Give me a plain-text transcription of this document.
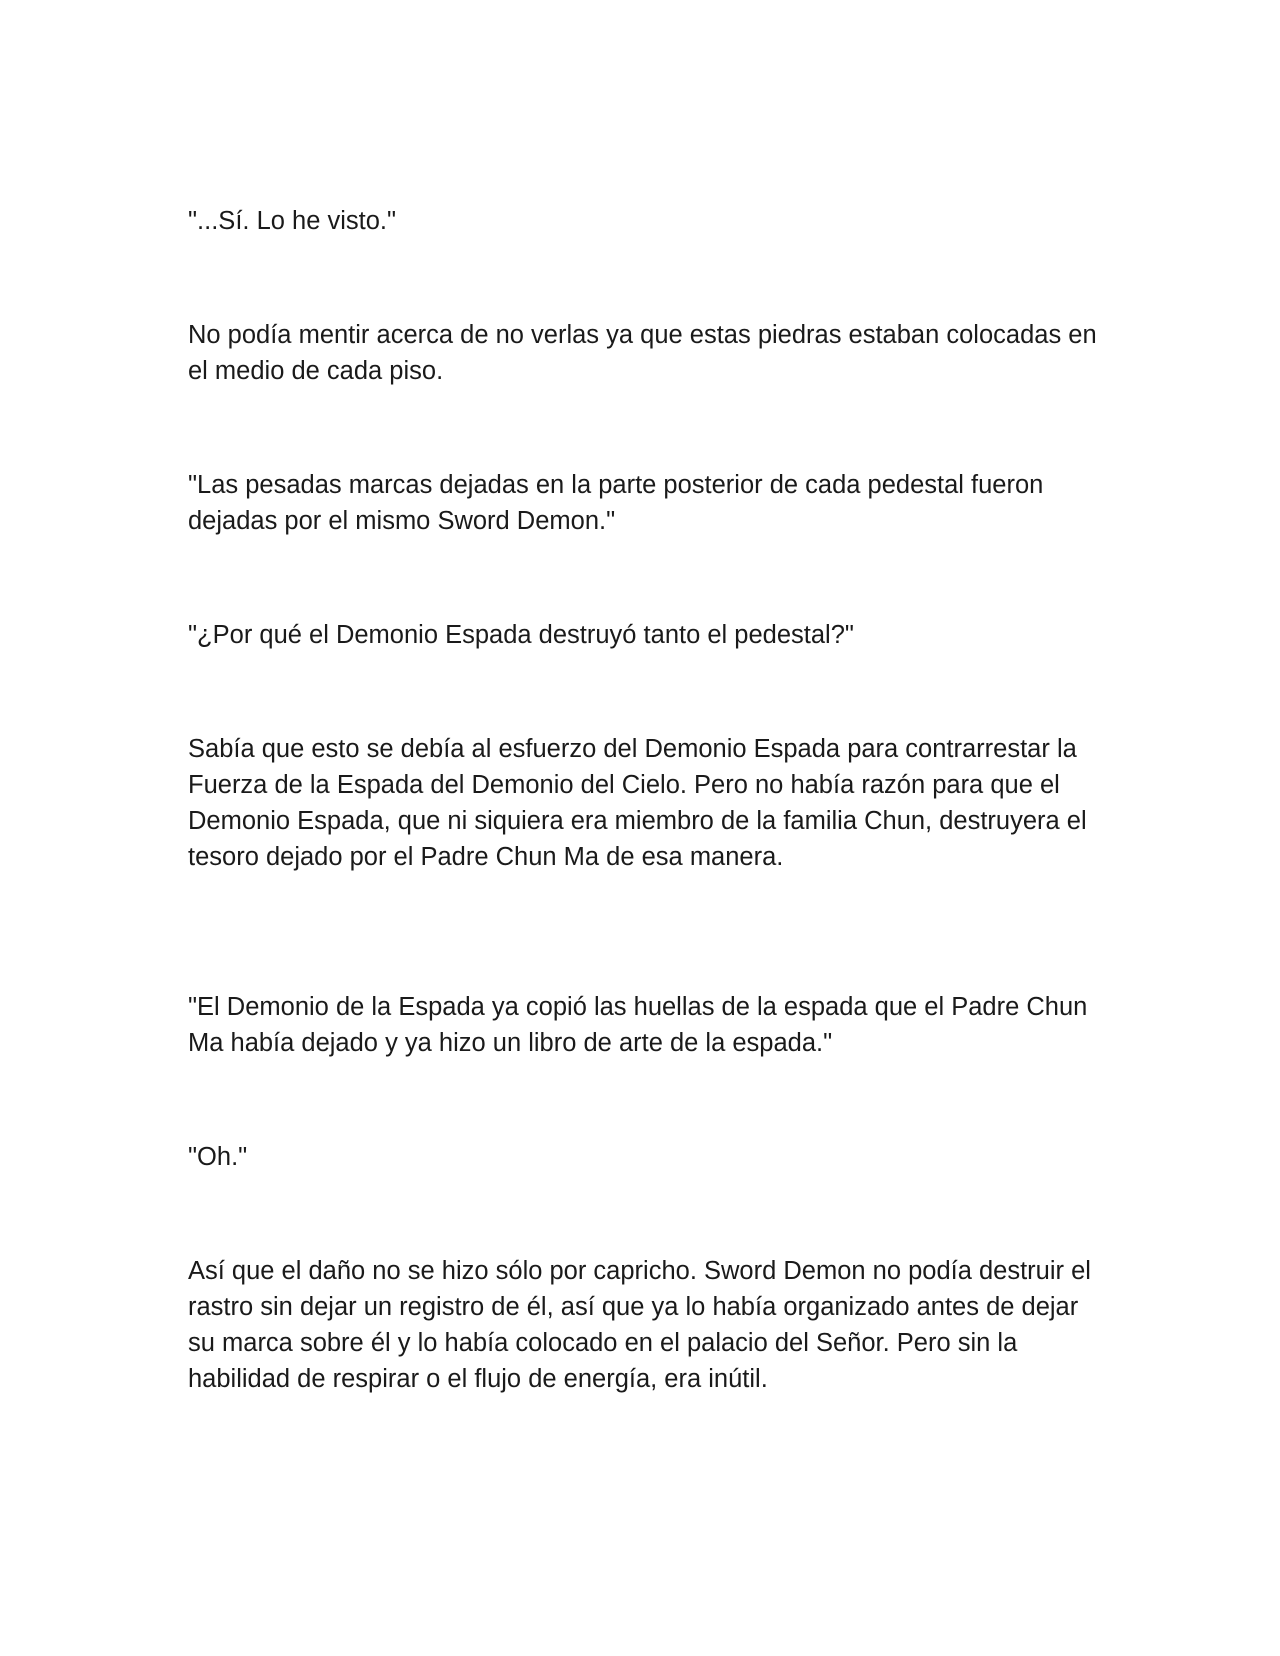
"...Sí. Lo he visto."

No podía mentir acerca de no verlas ya que estas piedras estaban colocadas en el medio de cada piso.

"Las pesadas marcas dejadas en la parte posterior de cada pedestal fueron dejadas por el mismo Sword Demon."

"¿Por qué el Demonio Espada destruyó tanto el pedestal?"

Sabía que esto se debía al esfuerzo del Demonio Espada para contrarrestar la Fuerza de la Espada del Demonio del Cielo. Pero no había razón para que el Demonio Espada, que ni siquiera era miembro de la familia Chun, destruyera el tesoro dejado por el Padre Chun Ma de esa manera.

"El Demonio de la Espada ya copió las huellas de la espada que el Padre Chun Ma había dejado y ya hizo un libro de arte de la espada."

"Oh."

Así que el daño no se hizo sólo por capricho. Sword Demon no podía destruir el rastro sin dejar un registro de él, así que ya lo había organizado antes de dejar su marca sobre él y lo había colocado en el palacio del Señor. Pero sin la habilidad de respirar o el flujo de energía, era inútil.
